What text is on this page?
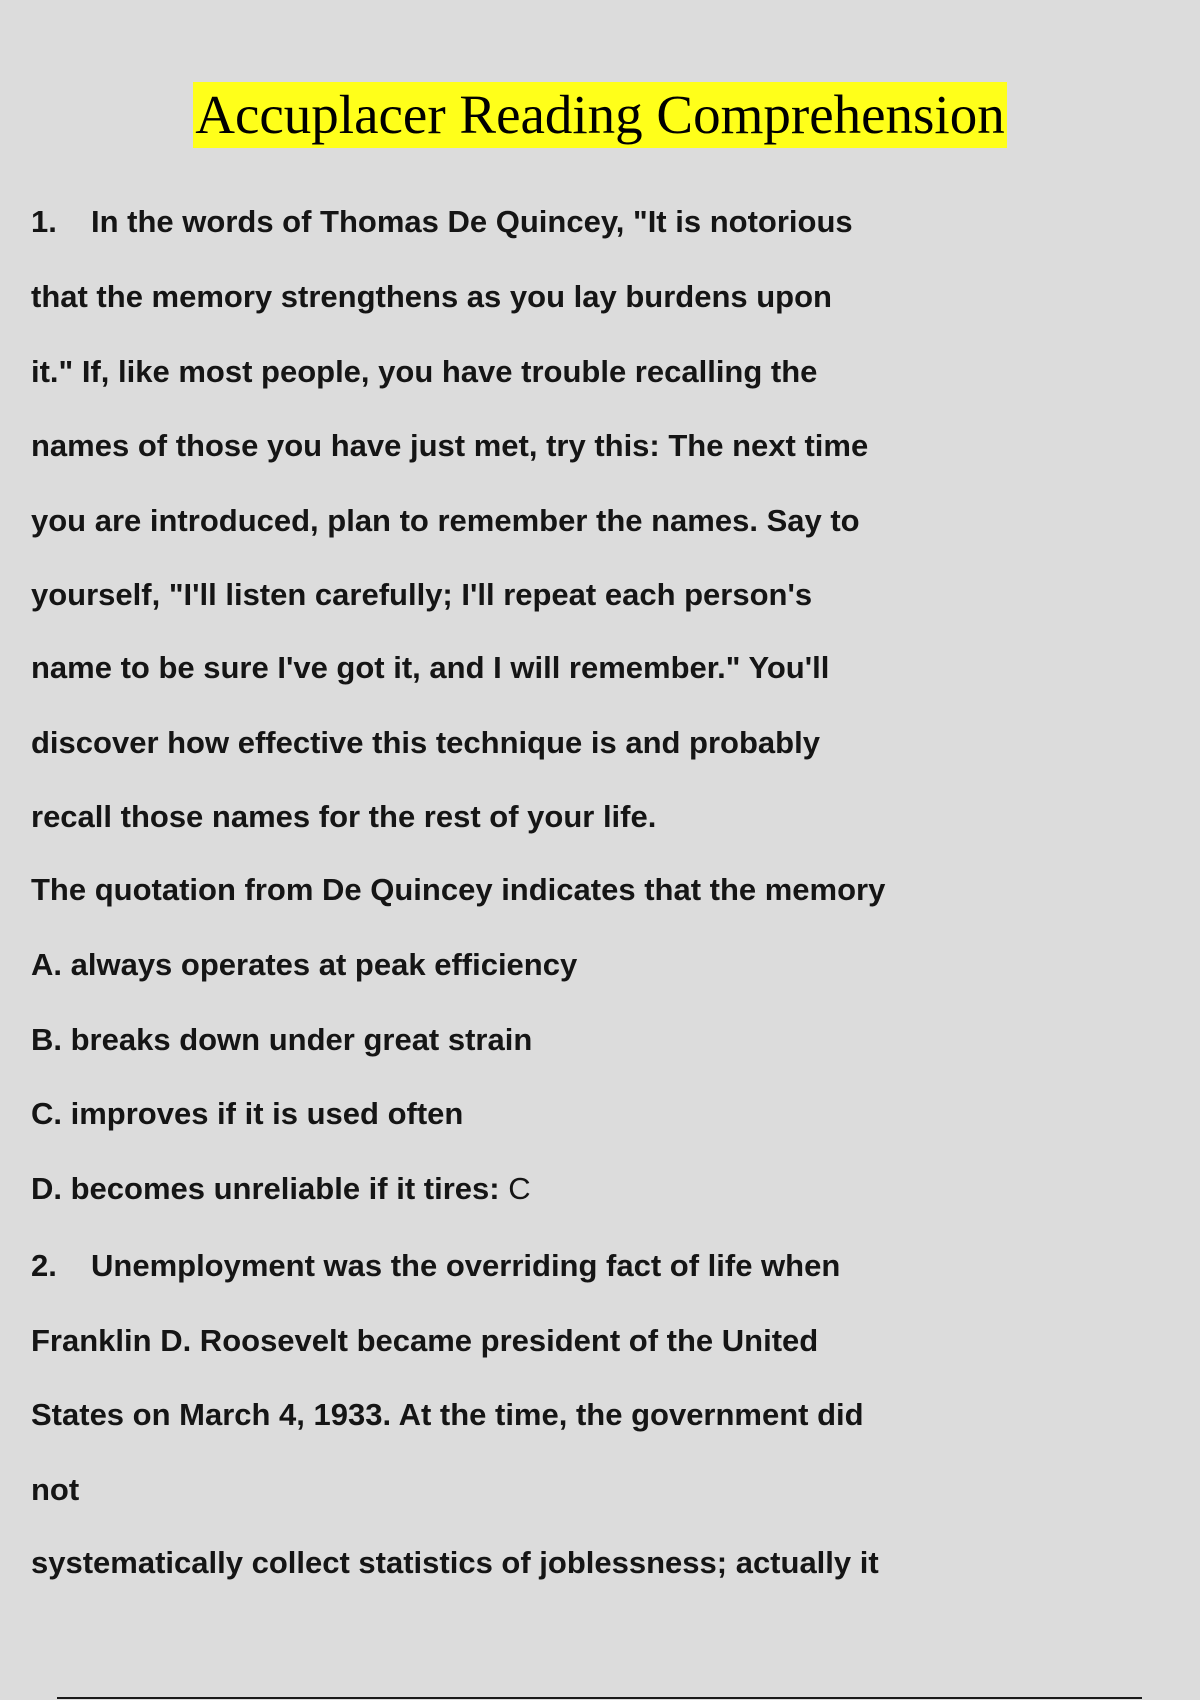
Accuplacer Reading Comprehension
1. In the words of Thomas De Quincey, "It is notorious
that the memory strengthens as you lay burdens upon
it." If, like most people, you have trouble recalling the
names of those you have just met, try this: The next time
you are introduced, plan to remember the names. Say to
yourself, "I'll listen carefully; I'll repeat each person's
name to be sure I've got it, and I will remember." You'll
discover how effective this technique is and probably
recall those names for the rest of your life.
The quotation from De Quincey indicates that the memory
A. always operates at peak efficiency
B. breaks down under great strain
C. improves if it is used often
D. becomes unreliable if it tires: C
2. Unemployment was the overriding fact of life when
Franklin D. Roosevelt became president of the United
States on March 4, 1933. At the time, the government did
not
systematically collect statistics of joblessness; actually it
